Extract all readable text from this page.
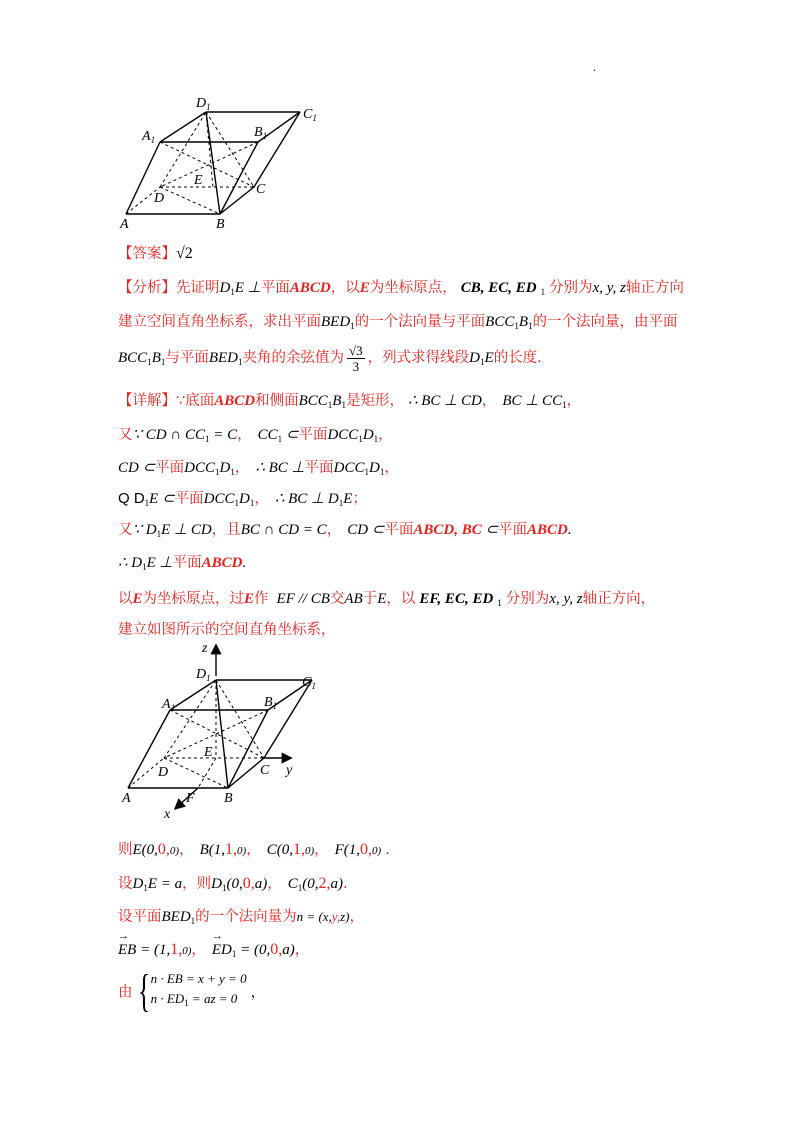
.
$D_1$	$C_1$
$A_1$	$B_1$
E
D
C
A	B
【答案】√2
【分析】先证明$D_1E$ ⊥平面ABCD，以E为坐标原点， CB, EC, ED $_1$ 分别为x, y, z轴正方向
建立空间直角坐标系，求出平面$BED_1$的一个法向量与平面$BCC_1B_1$的一个法向量，由平面
$BCC_1B_1$与平面$BED_1$夹角的余弦值为 $\frac{√3}{3}$ ，列式求得线段$D_1E$的长度.
【详解】∵底面ABCD和侧面$BCC_1B_1$是矩形， ∴ BC ⊥ CD， BC ⊥ $CC_1$，
又∵ CD ∩ $CC_1 = C$， $CC_1$ ⊂平面$DCC_1D_1$，
CD ⊂平面$DCC_1D_1$， ∴ BC ⊥平面$DCC_1D_1$，
Q $D_1E$ ⊂平面$DCC_1D_1$， ∴ BC ⊥ $D_1E$；
又∵ $D_1E$ ⊥ CD，且BC ∩ CD = C， CD ⊂平面ABCD, BC ⊂平面ABCD.
∴ $D_1E$ ⊥平面ABCD.
以E为坐标原点，过E作 EF // CB交AB于E，以 EF, EC, ED $_1$ 分别为x, y, z轴正方向，
建立如图所示的空间直角坐标系，
z
$D_1$	$C_1$
$A_1$	$B_1$
E
D	C y
A	F B
x
则E(0,0,0)， B(1,1,0)， C(0,1,0)， F(1,0,0) .
设$D_1E = a$，则$D_1(0,0,a)$， $C_1(0,2,a)$.
设平面$BED_1$的一个法向量为n = (x,y,z)，
→ EB = (1,1,0)，→ $ED_1 = (0,0,a)$，
由 { n · EB = x + y = 0
$n \cdot ED_1$ = az = 0 ，
